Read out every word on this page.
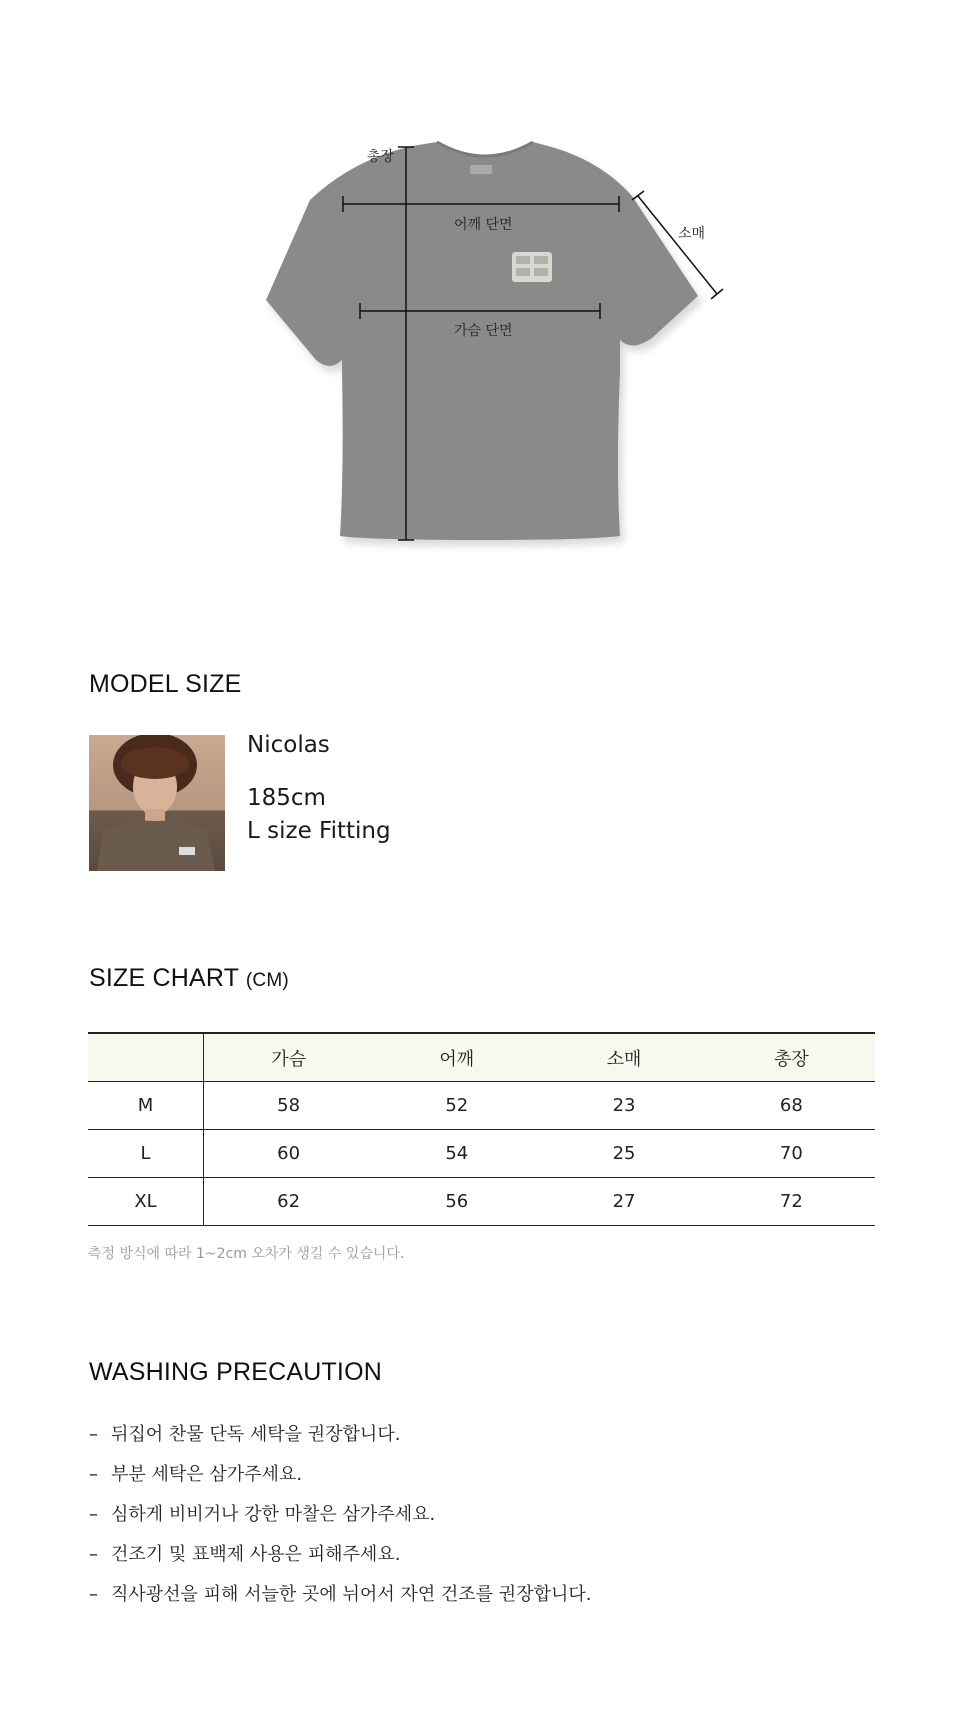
총장
어깨 단면
가슴 단면
소매
MODEL SIZE
Nicolas
185cm
L size Fitting
SIZE CHART (CM)
	가슴	어깨	소매	총장
M	58	52	23	68
L	60	54	25	70
XL	62	56	27	72
측정 방식에 따라 1~2cm 오차가 생길 수 있습니다.
WASHING PRECAUTION
– 뒤집어 찬물 단독 세탁을 권장합니다.
– 부분 세탁은 삼가주세요.
– 심하게 비비거나 강한 마찰은 삼가주세요.
– 건조기 및 표백제 사용은 피해주세요.
– 직사광선을 피해 서늘한 곳에 뉘어서 자연 건조를 권장합니다.
